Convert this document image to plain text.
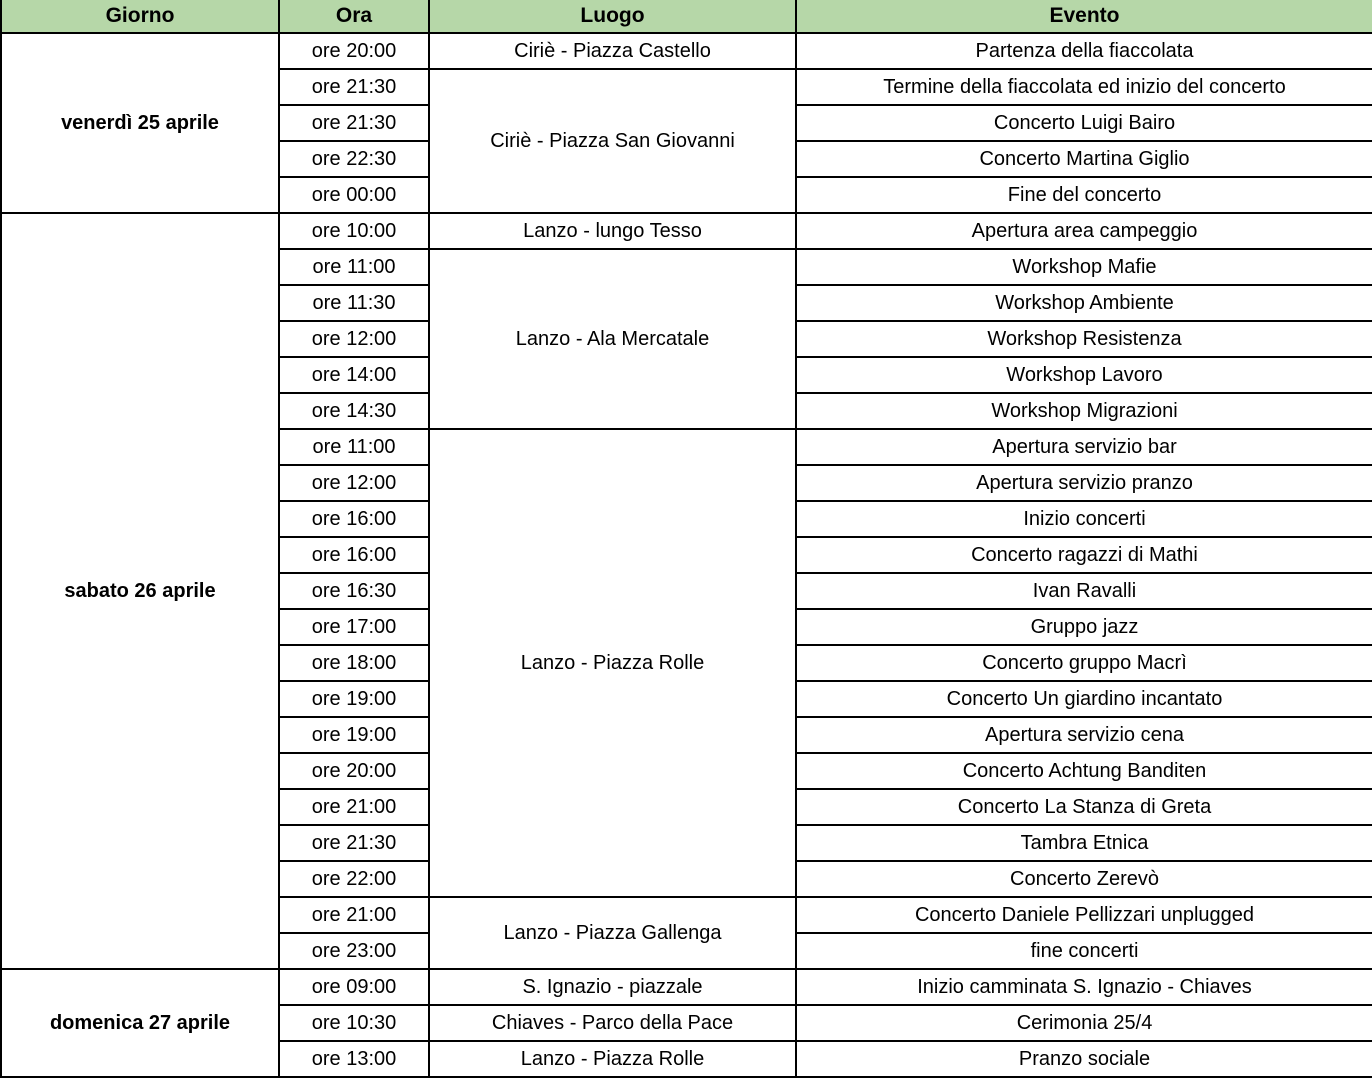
Giorno	Ora	Luogo	Evento
venerdì 25 aprile	ore 20:00	Ciriè - Piazza Castello	Partenza della fiaccolata
	ore 21:30	Ciriè - Piazza San Giovanni	Termine della fiaccolata ed inizio del concerto
	ore 21:30		Concerto Luigi Bairo
	ore 22:30		Concerto Martina Giglio
	ore 00:00		Fine del concerto
sabato 26 aprile	ore 10:00	Lanzo - lungo Tesso	Apertura area campeggio
	ore 11:00	Lanzo - Ala Mercatale	Workshop Mafie
	ore 11:30		Workshop Ambiente
	ore 12:00		Workshop Resistenza
	ore 14:00		Workshop Lavoro
	ore 14:30		Workshop Migrazioni
	ore 11:00	Lanzo - Piazza Rolle	Apertura servizio bar
	ore 12:00		Apertura servizio pranzo
	ore 16:00		Inizio concerti
	ore 16:00		Concerto ragazzi di Mathi
	ore 16:30		Ivan Ravalli
	ore 17:00		Gruppo jazz
	ore 18:00		Concerto gruppo Macrì
	ore 19:00		Concerto Un giardino incantato
	ore 19:00		Apertura servizio cena
	ore 20:00		Concerto Achtung Banditen
	ore 21:00		Concerto La Stanza di Greta
	ore 21:30		Tambra Etnica
	ore 22:00		Concerto Zerevò
	ore 21:00	Lanzo - Piazza Gallenga	Concerto Daniele Pellizzari unplugged
	ore 23:00		fine concerti
domenica 27 aprile	ore 09:00	S. Ignazio - piazzale	Inizio camminata S. Ignazio - Chiaves
	ore 10:30	Chiaves - Parco della Pace	Cerimonia 25/4
	ore 13:00	Lanzo - Piazza Rolle	Pranzo sociale
